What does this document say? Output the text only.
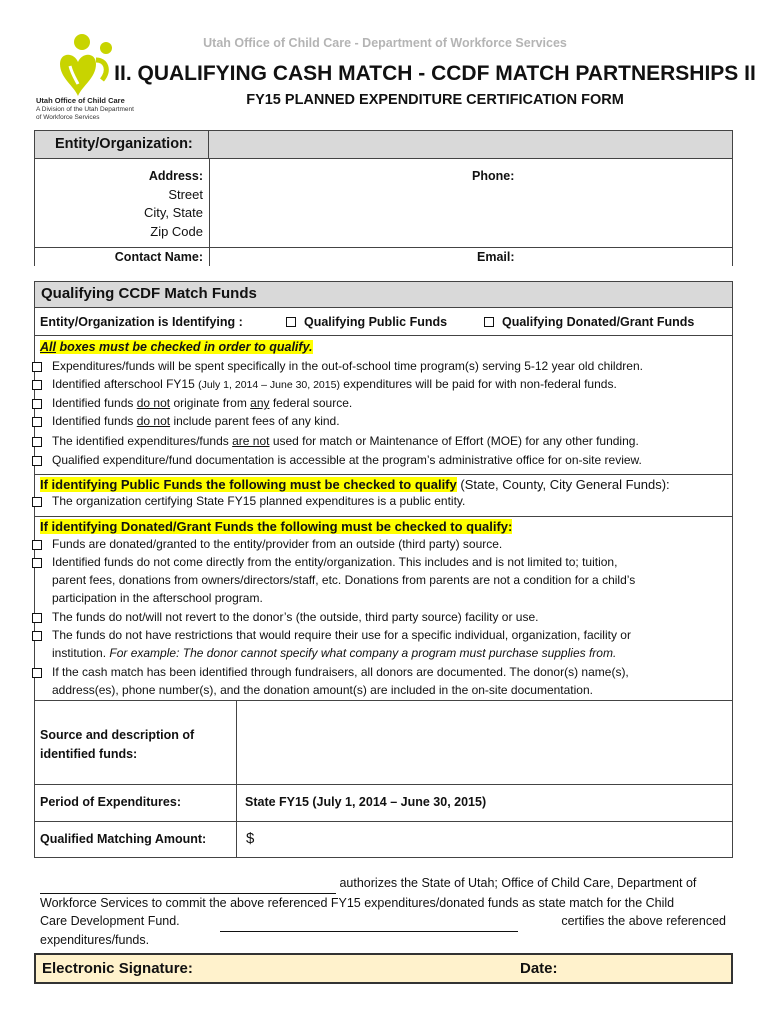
Utah Office of Child Care - Department of Workforce Services
Utah Office of Child Care
A Division of the Utah Department of Workforce Services
II. QUALIFYING CASH MATCH - CCDF MATCH PARTNERSHIPS II
FY15 PLANNED EXPENDITURE CERTIFICATION FORM
Entity/Organization:
Address:
Street
City, State
Zip Code
Phone:
Contact Name:	Email:
Qualifying CCDF Match Funds
Entity/Organization is Identifying :	Qualifying Public Funds	Qualifying Donated/Grant Funds
All boxes must be checked in order to qualify.
Expenditures/funds will be spent specifically in the out-of-school time program(s) serving 5-12 year old children.
Identified afterschool FY15 (July 1, 2014 – June 30, 2015) expenditures will be paid for with non-federal funds.
Identified funds do not originate from any federal source.
Identified funds do not include parent fees of any kind.
The identified expenditures/funds are not used for match or Maintenance of Effort (MOE) for any other funding.
Qualified expenditure/fund documentation is accessible at the program’s administrative office for on-site review.
If identifying Public Funds the following must be checked to qualify (State, County, City General Funds):
The organization certifying State FY15 planned expenditures is a public entity.
If identifying Donated/Grant Funds the following must be checked to qualify:
Funds are donated/granted to the entity/provider from an outside (third party) source.
Identified funds do not come directly from the entity/organization. This includes and is not limited to; tuition,
parent fees, donations from owners/directors/staff, etc. Donations from parents are not a condition for a child’s
participation in the afterschool program.
The funds do not/will not revert to the donor’s (the outside, third party source) facility or use.
The funds do not have restrictions that would require their use for a specific individual, organization, facility or
institution. For example: The donor cannot specify what company a program must purchase supplies from.
If the cash match has been identified through fundraisers, all donors are documented. The donor(s) name(s),
address(es), phone number(s), and the donation amount(s) are included in the on-site documentation.
Source and description of
identified funds:
Period of Expenditures:	State FY15 (July 1, 2014 – June 30, 2015)
Qualified Matching Amount:	$
authorizes the State of Utah; Office of Child Care, Department of
Workforce Services to commit the above referenced FY15 expenditures/donated funds as state match for the Child
Care Development Fund.
	certifies the above referenced
expenditures/funds.
Electronic Signature:	Date:
